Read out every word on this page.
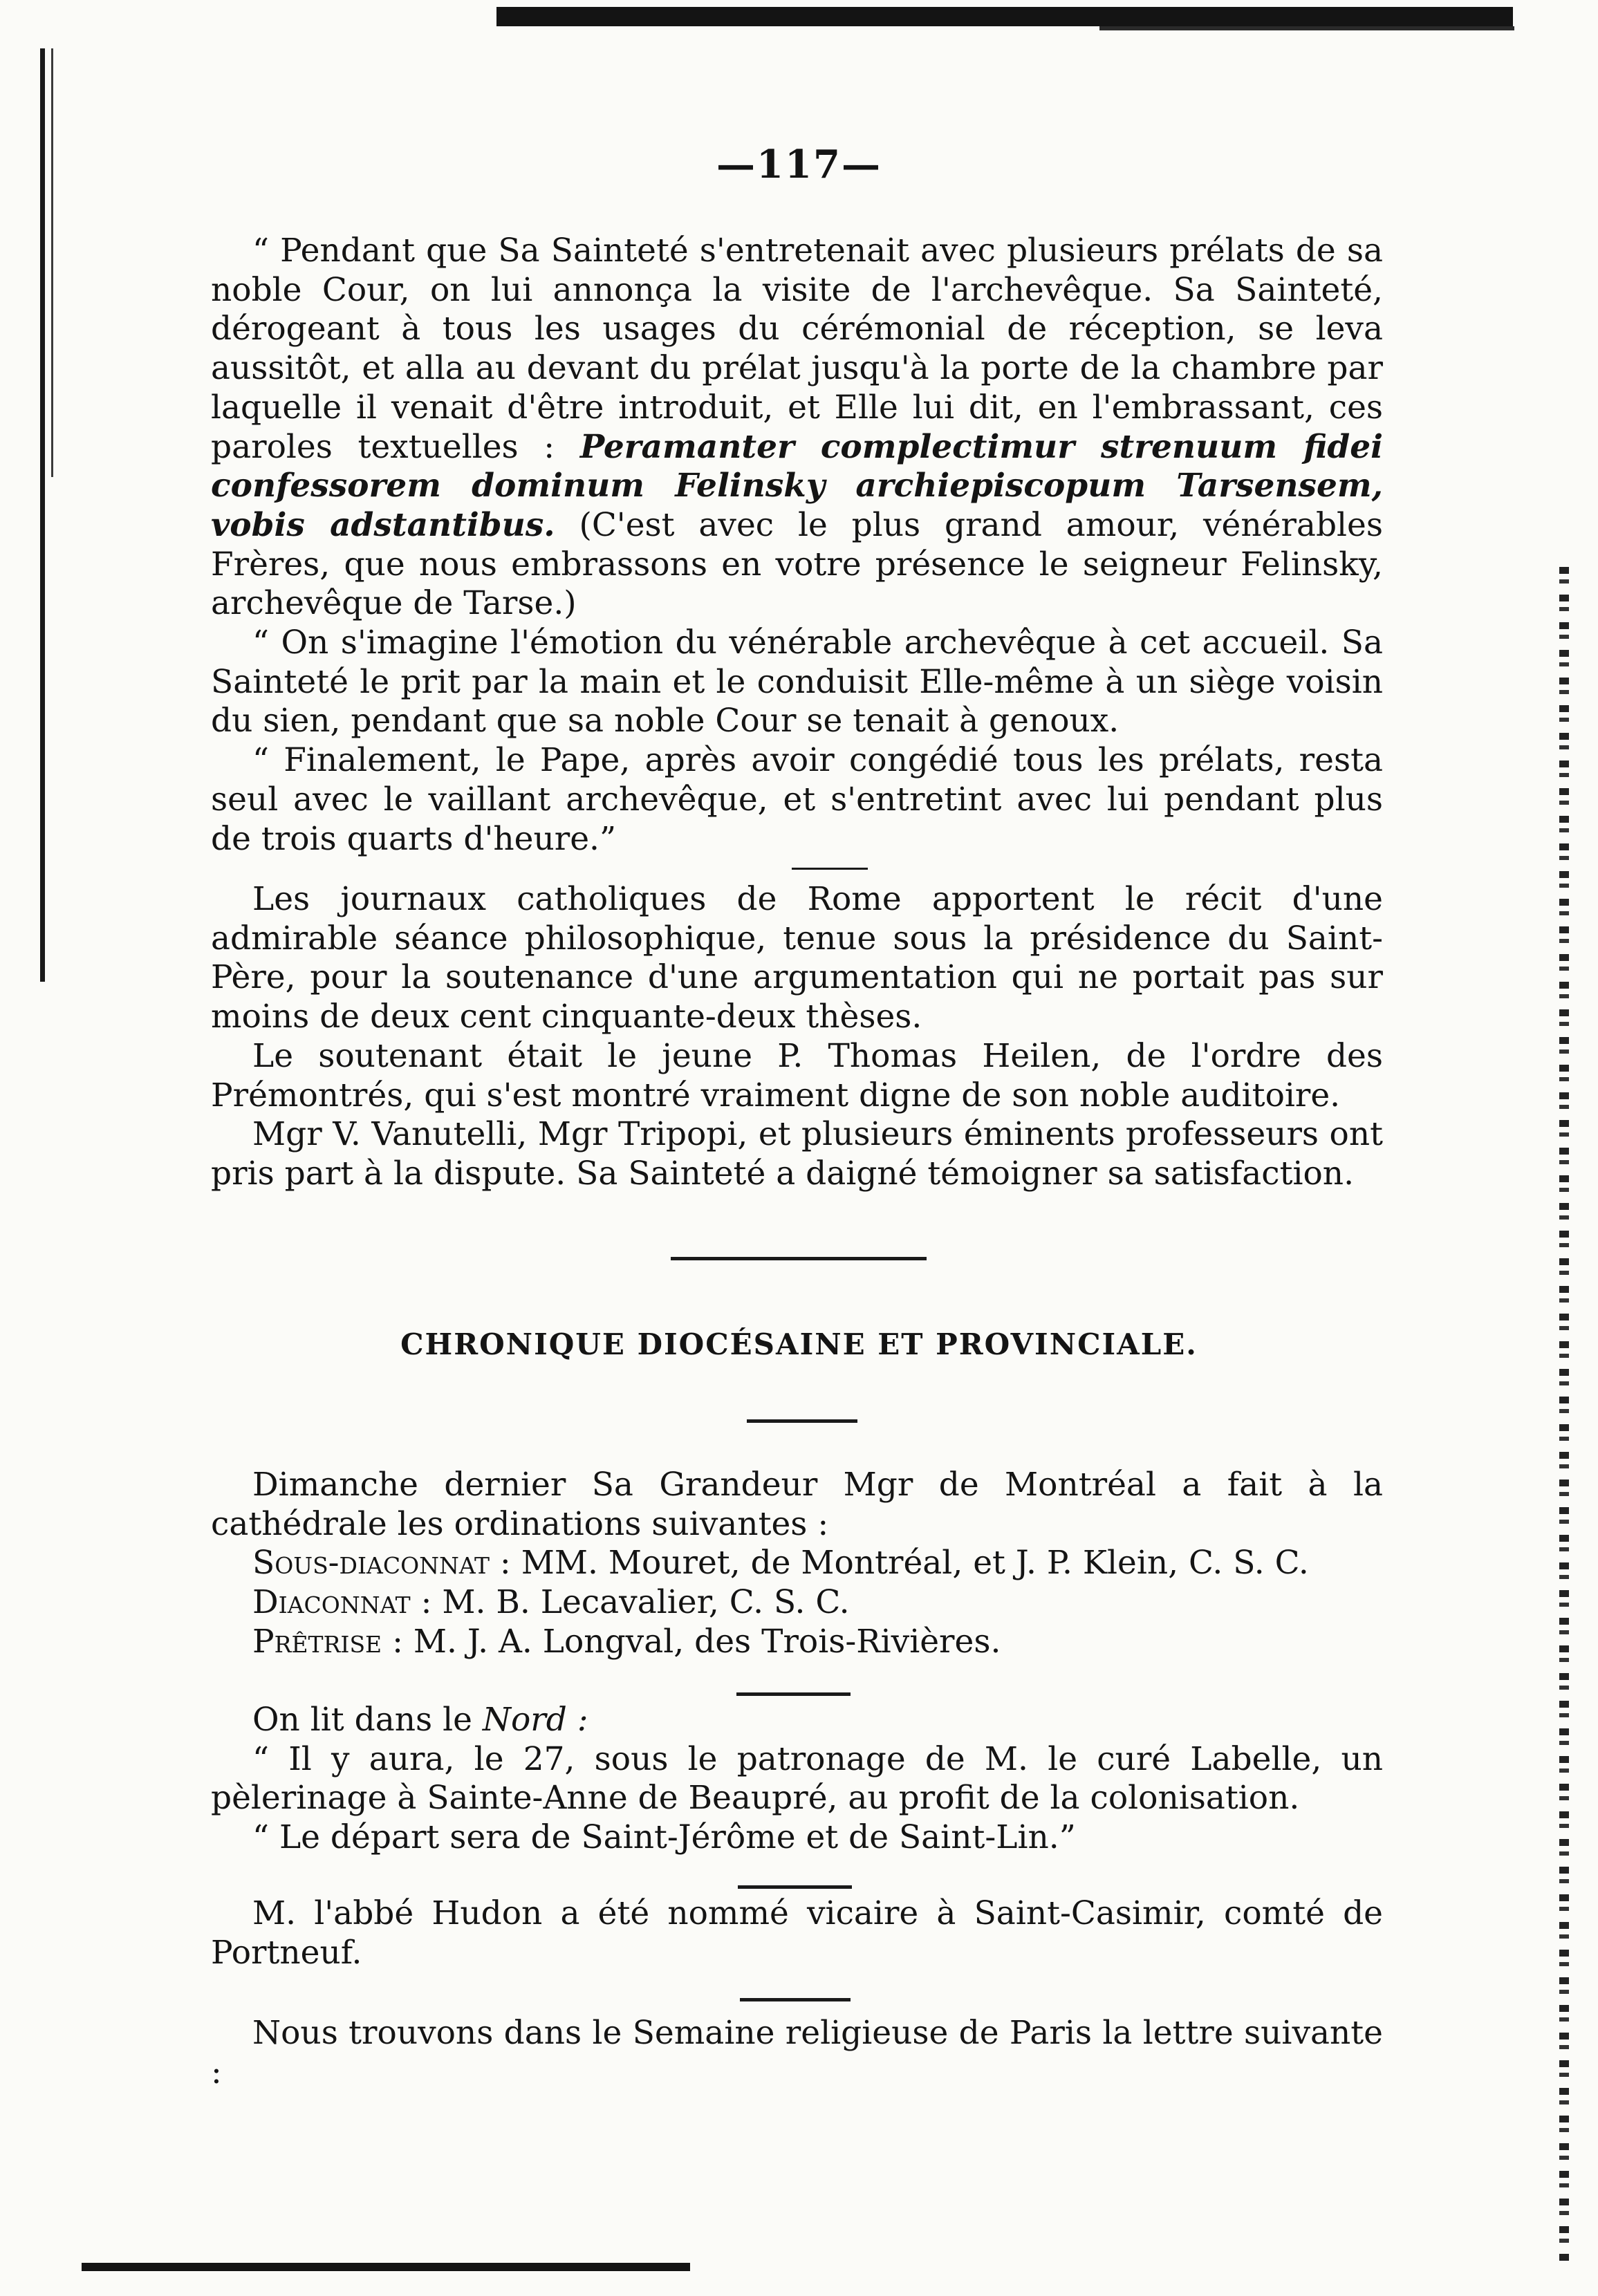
—117—

“ Pendant que Sa Sainteté s'entretenait avec plusieurs prélats de sa noble Cour, on lui annonça la visite de l'archevêque. Sa Sainteté, dérogeant à tous les usages du cérémonial de réception, se leva aussitôt, et alla au devant du prélat jusqu'à la porte de la chambre par laquelle il venait d'être introduit, et Elle lui dit, en l'embrassant, ces paroles textuelles : Peramanter complectimur strenuum fidei confessorem dominum Felinsky archiepiscopum Tarsensem, vobis adstantibus. (C'est avec le plus grand amour, vénérables Frères, que nous embrassons en votre présence le seigneur Felinsky, archevêque de Tarse.)

“ On s'imagine l'émotion du vénérable archevêque à cet accueil. Sa Sainteté le prit par la main et le conduisit Elle-même à un siège voisin du sien, pendant que sa noble Cour se tenait à genoux.

“ Finalement, le Pape, après avoir congédié tous les prélats, resta seul avec le vaillant archevêque, et s'entretint avec lui pendant plus de trois quarts d'heure.”

Les journaux catholiques de Rome apportent le récit d'une admirable séance philosophique, tenue sous la présidence du Saint-Père, pour la soutenance d'une argumentation qui ne portait pas sur moins de deux cent cinquante-deux thèses.

Le soutenant était le jeune P. Thomas Heilen, de l'ordre des Prémontrés, qui s'est montré vraiment digne de son noble auditoire.

Mgr V. Vanutelli, Mgr Tripopi, et plusieurs éminents professeurs ont pris part à la dispute. Sa Sainteté a daigné témoigner sa satisfaction.

CHRONIQUE DIOCÉSAINE ET PROVINCIALE.

Dimanche dernier Sa Grandeur Mgr de Montréal a fait à la cathédrale les ordinations suivantes :

Sous-diaconnat : MM. Mouret, de Montréal, et J. P. Klein, C. S. C.

Diaconnat : M. B. Lecavalier, C. S. C.

Prêtrise : M. J. A. Longval, des Trois-Rivières.

On lit dans le Nord :

“ Il y aura, le 27, sous le patronage de M. le curé Labelle, un pèlerinage à Sainte-Anne de Beaupré, au profit de la colonisation.

“ Le départ sera de Saint-Jérôme et de Saint-Lin.”

M. l'abbé Hudon a été nommé vicaire à Saint-Casimir, comté de Portneuf.

Nous trouvons dans le Semaine religieuse de Paris la lettre suivante :
